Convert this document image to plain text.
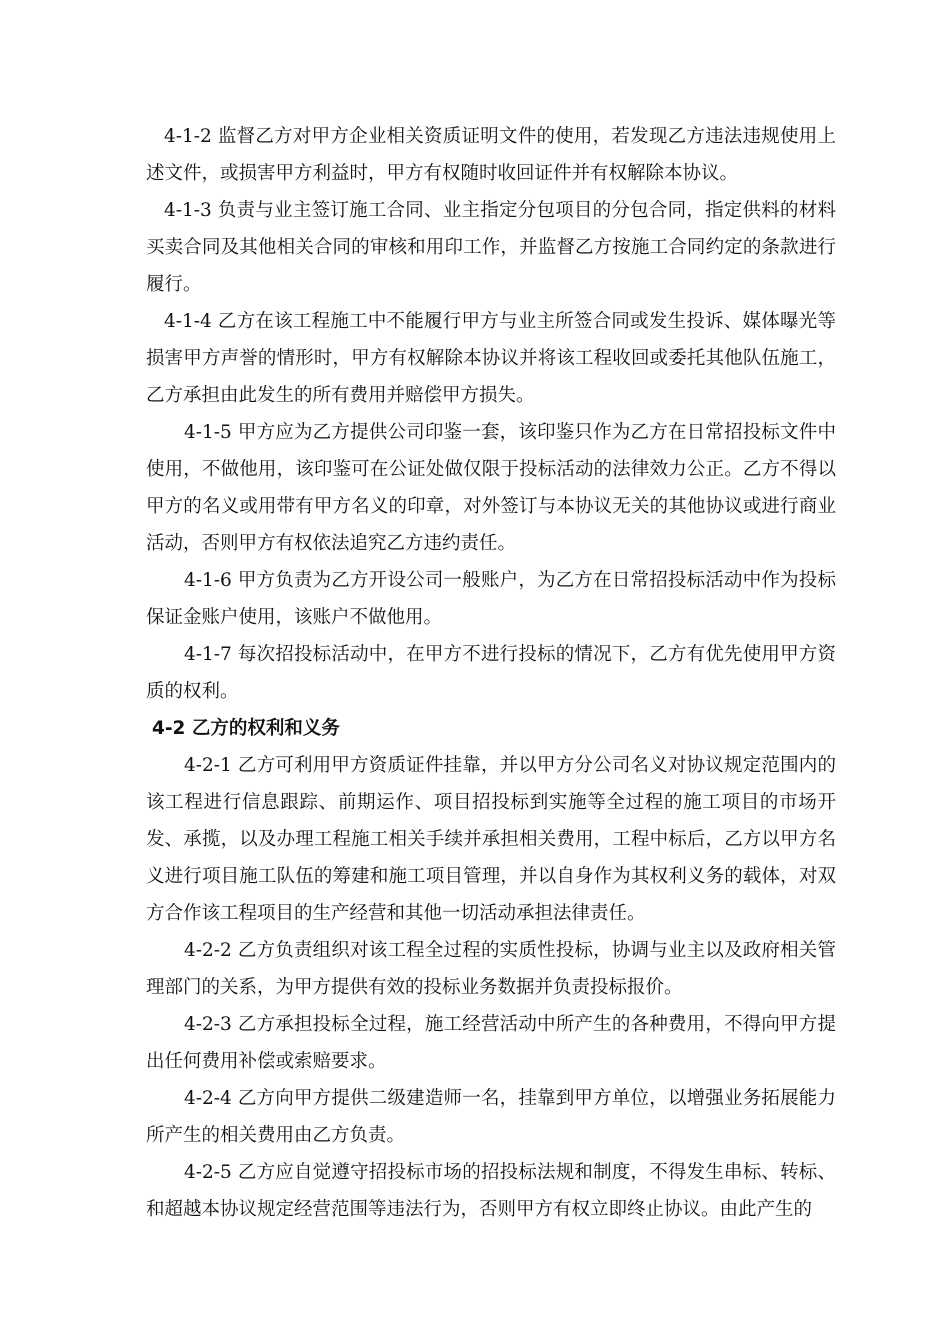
4-1-2 监督乙方对甲方企业相关资质证明文件的使用，若发现乙方违法违规使用上述文件，或损害甲方利益时，甲方有权随时收回证件并有权解除本协议。

4-1-3 负责与业主签订施工合同、业主指定分包项目的分包合同，指定供料的材料买卖合同及其他相关合同的审核和用印工作，并监督乙方按施工合同约定的条款进行履行。

4-1-4 乙方在该工程施工中不能履行甲方与业主所签合同或发生投诉、媒体曝光等损害甲方声誉的情形时，甲方有权解除本协议并将该工程收回或委托其他队伍施工，乙方承担由此发生的所有费用并赔偿甲方损失。

4-1-5 甲方应为乙方提供公司印鉴一套，该印鉴只作为乙方在日常招投标文件中使用，不做他用，该印鉴可在公证处做仅限于投标活动的法律效力公正。乙方不得以甲方的名义或用带有甲方名义的印章，对外签订与本协议无关的其他协议或进行商业活动，否则甲方有权依法追究乙方违约责任。

4-1-6 甲方负责为乙方开设公司一般账户，为乙方在日常招投标活动中作为投标保证金账户使用，该账户不做他用。

4-1-7 每次招投标活动中，在甲方不进行投标的情况下，乙方有优先使用甲方资质的权利。

4-2 乙方的权利和义务

4-2-1 乙方可利用甲方资质证件挂靠，并以甲方分公司名义对协议规定范围内的该工程进行信息跟踪、前期运作、项目招投标到实施等全过程的施工项目的市场开发、承揽，以及办理工程施工相关手续并承担相关费用，工程中标后，乙方以甲方名义进行项目施工队伍的筹建和施工项目管理，并以自身作为其权利义务的载体，对双方合作该工程项目的生产经营和其他一切活动承担法律责任。

4-2-2 乙方负责组织对该工程全过程的实质性投标，协调与业主以及政府相关管理部门的关系，为甲方提供有效的投标业务数据并负责投标报价。

4-2-3 乙方承担投标全过程，施工经营活动中所产生的各种费用，不得向甲方提出任何费用补偿或索赔要求。

4-2-4 乙方向甲方提供二级建造师一名，挂靠到甲方单位，以增强业务拓展能力所产生的相关费用由乙方负责。

4-2-5 乙方应自觉遵守招投标市场的招投标法规和制度，不得发生串标、转标、和超越本协议规定经营范围等违法行为，否则甲方有权立即终止协议。由此产生的
